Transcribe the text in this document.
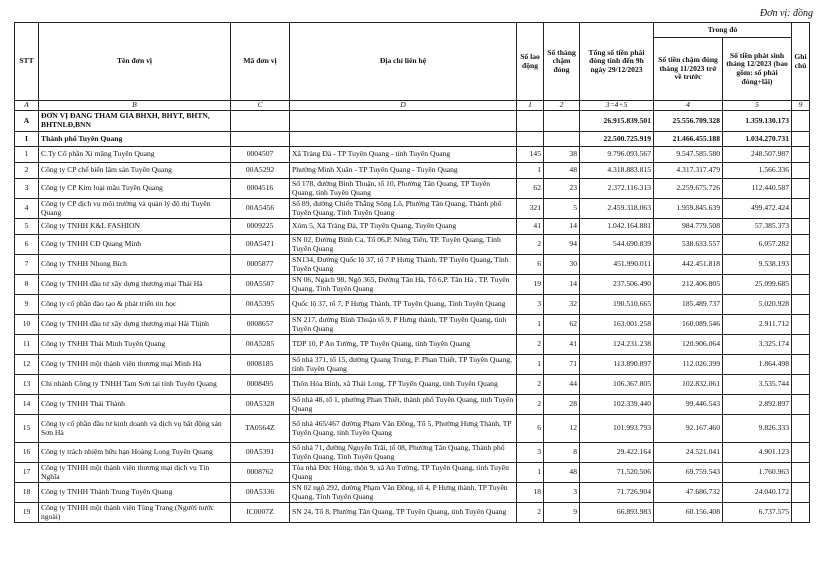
Đơn vị: đồng
STT	Tên đơn vị	Mã đơn vị	Địa chỉ liên hệ	Số lao động	Số tháng chậm đóng	Tổng số tiền phải đóng tính đến 9h ngày 29/12/2023	Trong đó		Ghi chú
							Số tiền chậm đóng tháng 11/2023 trở về trước	Số tiền phát sinh tháng 12/2023 (bao gồm: số phải đóng+lãi)	
A	B	C	D	1	2	3=4+5	4	5	9
A	ĐƠN VỊ ĐANG THAM GIA BHXH, BHYT, BHTN, BHTNLĐ,BNN					26.915.839.501	25.556.709.328	1.359.130.173	
I	Thành phố Tuyên Quang					22.500.725.919	21.466.455.188	1.034.270.731	
1	C.Ty Cổ phần Xi măng Tuyên Quang	0004507	Xã Tràng Đà - TP Tuyên Quang - tỉnh Tuyên Quang	145	38	9.796.093.567	9.547.585.580	248.507.987	
2	Công ty CP chế biến lâm sản Tuyên Quang	00A5292	Phường Minh Xuân - TP Tuyên Quang - Tuyên Quang	1	48	4.318.883.815	4.317.317.479	1.566.336	
3	Công ty CP Kim loại mầu Tuyên Quang	0004516	Số 178, đường Bình Thuận, tổ 10, Phường Tân Quang, TP Tuyên Quang, tỉnh Tuyên Quang	62	23	2.372.116.313	2.259.675.726	112.440.587	
4	Công ty CP dịch vụ môi trường và quản lý đô thị Tuyên Quang	00A5456	Số 89, đường Chiến Thắng Sông Lô, Phường Tân Quang, Thành phố Tuyên Quang, Tỉnh Tuyên Quang	321	5	2.459.318.063	1.959.845.639	499.472.424	
5	Công ty TNHH K&L FASHION	0009225	Xóm 5, Xã Tràng Đà, TP Tuyên Quang, Tuyên Quang	41	14	1.042.164.881	984.779.508	57.385.373	
6	Công ty TNHH CĐ Quang Minh	00A5471	SN 02, Đường Bình Ca, Tổ 06,P. Nông Tiến, TP. Tuyên Quang, Tỉnh Tuyên Quang	2	94	544.690.839	538.633.557	6.057.282	
7	Công ty TNHH Nhung Bích	0005877	SN134, Đường Quốc lộ 37, tổ 7 P Hưng Thành, TP Tuyên Quang, Tỉnh Tuyên Quang	6	30	451.990.011	442.451.818	9.538.193	
8	Công ty TNHH đầu tư xây dựng thương mại Thái Hà	00A5507	SN 06, Ngách 98, Ngõ 365, Đường Tân Hà, Tổ 6,P. Tân Hà , TP. Tuyên Quang, Tỉnh Tuyên Quang	19	14	237.506.490	212.406.805	25.099.685	
9	Công ty cổ phần đào tạo & phát triển tin học	00A5395	Quốc lộ 37, tổ 7, P Hưng Thành, TP Tuyên Quang, Tỉnh Tuyên Quang	3	32	190.510.665	185.489.737	5.020.928	
10	Công ty TNHH đầu tư xây dựng thương mại Hải Thịnh	0008657	SN 217, đường Bình Thuận tổ 9, P Hưng thành, TP Tuyên Quang, tỉnh Tuyên Quang	1	62	163.001.258	160.089.546	2.911.712	
11	Công ty TNHH Thái Minh Tuyên Quang	00A5285	TDP 10, P An Tường, TP Tuyên Quang, tỉnh Tuyên Quang	2	41	124.231.238	120.906.064	3.325.174	
12	Công ty TNHH một thành viên thương mại Minh Hà	0008185	Số nhà 371, tổ 15, đường Quang Trung, P. Phan Thiết, TP Tuyên Quang, tỉnh Tuyên Quang	1	71	113.890.897	112.026.399	1.864.498	
13	Chi nhánh Công ty TNHH Tam Sơn tại tỉnh Tuyên Quang	0008495	Thôn Hòa Bình, xã Thái Long, TP Tuyên Quang, tỉnh Tuyên Quang	2	44	106.367.805	102.832.061	3.535.744	
14	Công ty TNHH Thái Thành	00A5328	Số nhà 48, tổ 1, phường Phan Thiết, thành phố Tuyên Quang, tỉnh Tuyên Quang	2	28	102.339.440	99.446.543	2.892.897	
15	Công ty cổ phần đầu tư kinh doanh và dịch vụ bất động sản Sơn Hà	TA0564Z	Số nhà 465/467 đường Phạm Văn Đồng, Tổ 5, Phường Hưng Thành, TP Tuyên Quang, tỉnh Tuyên Quang	6	12	101.993.793	92.167.460	9.826.333	
16	Công ty trách nhiệm hữu hạn Hoàng Long Tuyên Quang	00A5391	Số nhà 71, đường Nguyễn Trãi, tổ 08, Phường Tân Quang, Thành phố Tuyên Quang, Tỉnh Tuyên Quang	3	8	29.422.164	24.521.041	4.901.123	
17	Công ty TNHH một thành viên thương mại dịch vụ Tín Nghĩa	0008762	Tòa nhà Đức Hùng, thôn 9, xã An Tường, TP Tuyên Quang, tỉnh Tuyên Quang	1	48	71.520.506	69.759.543	1.760.963	
18	Công ty TNHH Thành Trung Tuyên Quang	00A5336	SN 02 ngõ 292, đường Phạm Văn Đồng, tổ 4, P Hưng thành, TP Tuyên Quang, Tỉnh Tuyên Quang	18	3	71.726.904	47.686.732	24.040.172	
19	Công ty TNHH một thành viên Tùng Trang (Người nước ngoài)	IC0007Z	SN 24, Tổ 8, Phường Tân Quang, TP Tuyên Quang, tỉnh Tuyên Quang	2	9	66.893.983	60.156.408	6.737.575	
